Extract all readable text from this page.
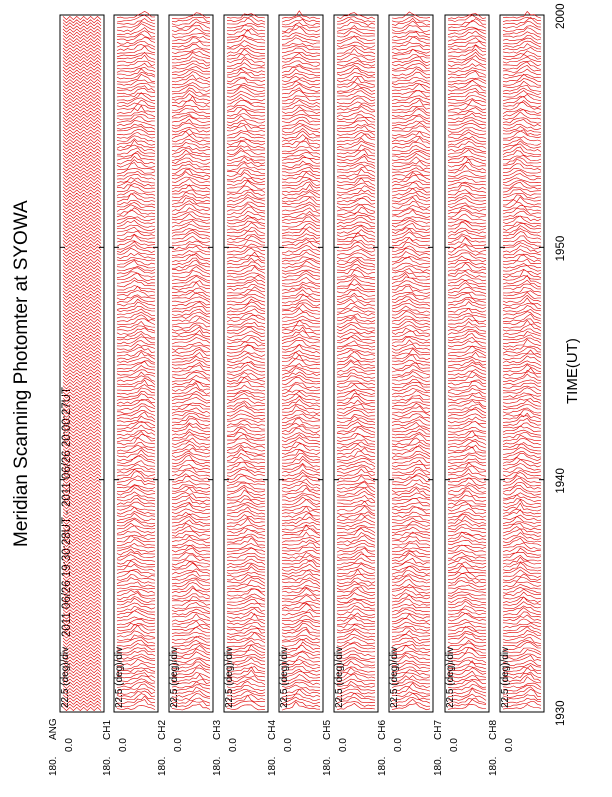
Meridian Scanning Photomter at SYOWA	2011 06/26 19:30:28UT - 2011 06/26 20:00:27UT
TIME(UT)
22.5 (deg)/div
180.
0.0
ANG
22.5 (deg)/div
180.
0.0
CH1
22.5 (deg)/div
180.
0.0
CH2
22.5 (deg)/div
180.
0.0
CH3
22.5 (deg)/div
180.
0.0
CH4
22.5 (deg)/div
180.
0.0
CH5
22.5 (deg)/div
180.
0.0
CH6
22.5 (deg)/div
180.
0.0
CH7
22.5 (deg)/div
180.
0.0
CH8
1930
1940
1950
2000
